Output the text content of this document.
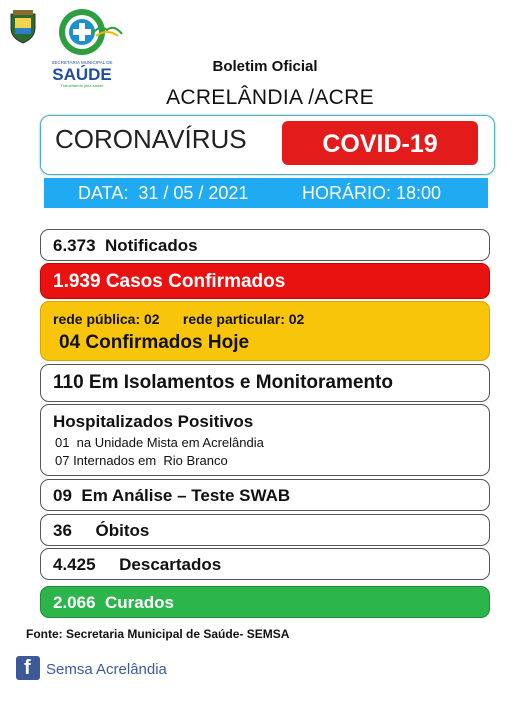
SECRETARIA MUNICIPAL DE
SAÚDE
Trabalhando pela saúde
Boletim Oficial
ACRELÂNDIA /ACRE
CORONAVÍRUS	COVID-19
DATA:  31 / 05 / 2021	HORÁRIO: 18:00
6.373  Notificados
1.939 Casos Confirmados
rede pública: 02      rede particular: 02
04 Confirmados Hoje
110 Em Isolamentos e Monitoramento
Hospitalizados Positivos
01  na Unidade Mista em Acrelândia
07 Internados em  Rio Branco
09  Em Análise – Teste SWAB
36     Óbitos
4.425     Descartados
2.066  Curados
Fonte: Secretaria Municipal de Saúde- SEMSA
f Semsa Acrelândia
